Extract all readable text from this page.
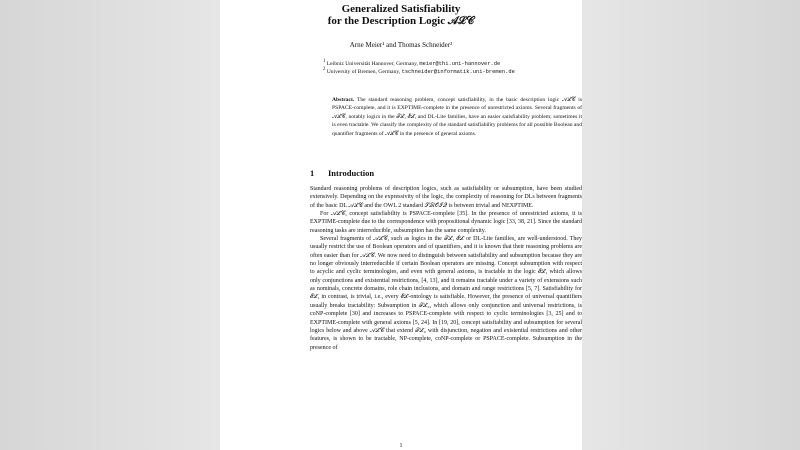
Generalized Satisfiability
for the Description Logic 𝒜ℒ𝒞
Arne Meier¹ and Thomas Schneider²
$^1$ Leibniz Universität Hannover, Germany, meier@thi.uni-hannover.de
$^2$ University of Bremen, Germany, tschneider@informatik.uni-bremen.de
Abstract. The standard reasoning problem, concept satisfiability, in the basic description logic 𝒜ℒ𝒞 is PSPACE-complete, and it is EXPTIME-complete in the presence of unrestricted axioms. Several fragments of 𝒜ℒ𝒞, notably logics in the ℱℒ, ℰℒ, and DL-Lite families, have an easier satisfiability problem; sometimes it is even tractable. We classify the complexity of the standard satisfiability problems for all possible Boolean and quantifier fragments of 𝒜ℒ𝒞 in the presence of general axioms.
1 Introduction

Standard reasoning problems of description logics, such as satisfiability or subsumption, have been studied extensively. Depending on the expressivity of the logic, the complexity of reasoning for DLs between fragments of the basic DL 𝒜ℒ𝒞 and the OWL 2 standard 𝒮ℛ𝒪ℐ𝒬 is between trivial and NEXPTIME.

For 𝒜ℒ𝒞, concept satisfiability is PSPACE-complete [35]. In the presence of unrestricted axioms, it is EXPTIME-complete due to the correspondence with propositional dynamic logic [33, 38, 21]. Since the standard reasoning tasks are interreducible, subsumption has the same complexity.

Several fragments of 𝒜ℒ𝒞, such as logics in the ℱℒ, ℰℒ or DL-Lite families, are well-understood. They usually restrict the use of Boolean operators and of quantifiers, and it is known that their reasoning problems are often easier than for 𝒜ℒ𝒞. We now need to distinguish between satisfiability and subsumption because they are no longer obviously interreducible if certain Boolean operators are missing. Concept subsumption with respect to acyclic and cyclic terminologies, and even with general axioms, is tractable in the logic ℰℒ, which allows only conjunctions and existential restrictions, [4, 13], and it remains tractable under a variety of extensions such as nominals, concrete domains, role chain inclusions, and domain and range restrictions [5, 7]. Satisfiability for ℰℒ, in contrast, is trivial, i.e., every ℰℒ-ontology is satisfiable. However, the presence of universal quantifiers usually breaks tractability: Subsumption in ℱℒ₀, which allows only conjunction and universal restrictions, is coNP-complete [30] and increases to PSPACE-complete with respect to cyclic terminologies [3, 25] and to EXPTIME-complete with general axioms [5, 24]. In [19, 20], concept satisfiability and subsumption for several logics below and above 𝒜ℒ𝒞 that extend ℱℒ₀ with disjunction, negation and existential restrictions and other features, is shown to be tractable, NP-complete, coNP-complete or PSPACE-complete. Subsumption in the presence of

1
